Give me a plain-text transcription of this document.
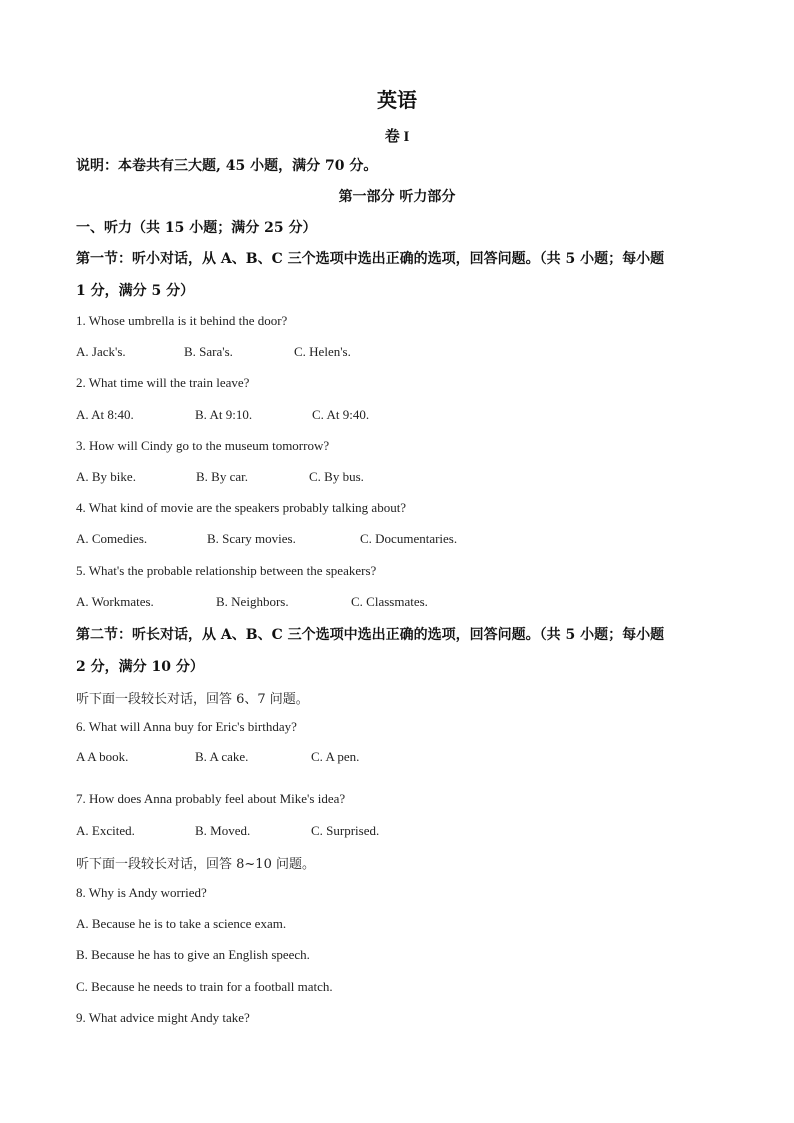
英语
卷 I
说明：本卷共有三大题, 45 小题，满分 70 分。
第一部分 听力部分
一、听力（共 15 小题；满分 25 分）
第一节：听小对话，从 A、B、C 三个选项中选出正确的选项，回答问题。（共 5 小题；每小题
1 分，满分 5 分）
1. Whose umbrella is it behind the door?
A. Jack's.	B. Sara's.	C. Helen's.
2. What time will the train leave?
A. At 8:40.	B. At 9:10.	C. At 9:40.
3. How will Cindy go to the museum tomorrow?
A. By bike.	B. By car.	C. By bus.
4. What kind of movie are the speakers probably talking about?
A. Comedies.	B. Scary movies.	C. Documentaries.
5. What's the probable relationship between the speakers?
A. Workmates.	B. Neighbors.	C. Classmates.
第二节：听长对话，从 A、B、C 三个选项中选出正确的选项，回答问题。（共 5 小题；每小题
2 分，满分 10 分）
听下面一段较长对话，回答 6、7 问题。
6. What will Anna buy for Eric's birthday?
A A book.	B. A cake.	C. A pen.
7. How does Anna probably feel about Mike's idea?
A. Excited.	B. Moved.	C. Surprised.
听下面一段较长对话，回答 8~10 问题。
8. Why is Andy worried?
A. Because he is to take a science exam.
B. Because he has to give an English speech.
C. Because he needs to train for a football match.
9. What advice might Andy take?
